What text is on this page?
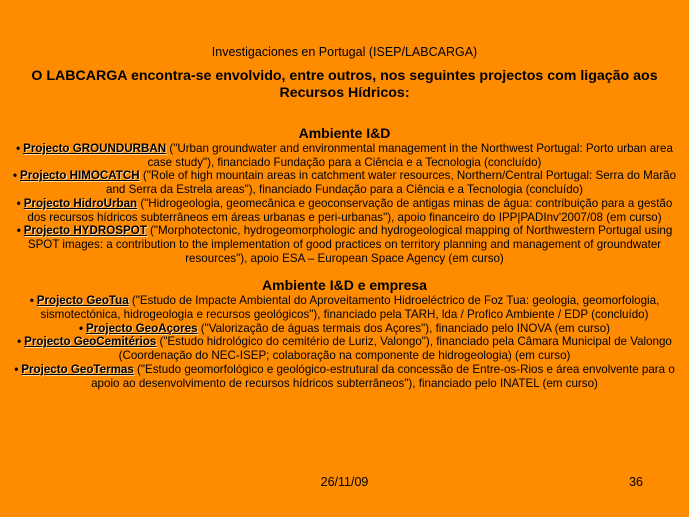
Investigaciones en Portugal (ISEP/LABCARGA)
O LABCARGA encontra-se envolvido, entre outros, nos seguintes projectos com ligação aos Recursos Hídricos:

Ambiente I&D

• Projecto GROUNDURBAN ("Urban groundwater and environmental management in the Northwest Portugal: Porto urban area case study"), financiado Fundação para a Ciência e a Tecnologia (concluído)

• Projecto HIMOCATCH ("Role of high mountain areas in catchment water resources, Northern/Central Portugal: Serra do Marão and Serra da Estrela areas"), financiado Fundação para a Ciência e a Tecnologia (concluído)

• Projecto HidroUrban ("Hidrogeologia, geomecânica e geoconservação de antigas minas de água: contribuição para a gestão dos recursos hídricos subterrâneos em áreas urbanas e peri-urbanas"), apoio financeiro do IPP|PADInv'2007/08 (em curso)

• Projecto HYDROSPOT ("Morphotectonic, hydrogeomorphologic and hydrogeological mapping of Northwestern Portugal using SPOT images: a contribution to the implementation of good practices on territory planning and management of groundwater resources"), apoio ESA – European Space Agency (em curso)

Ambiente I&D e empresa

• Projecto GeoTua ("Estudo de Impacte Ambiental do Aproveitamento Hidroeléctrico de Foz Tua: geologia, geomorfologia, sismotectónica, hidrogeologia e recursos geológicos"), financiado pela TARH, lda / Profico Ambiente / EDP (concluído)

• Projecto GeoAçores ("Valorização de águas termais dos Açores"), financiado pelo INOVA (em curso)

• Projecto GeoCemitérios ("Estudo hidrológico do cemitério de Luriz, Valongo"), financiado pela Câmara Municipal de Valongo (Coordenação do NEC-ISEP; colaboração na componente de hidrogeologia) (em curso)

• Projecto GeoTermas ("Estudo geomorfológico e geológico-estrutural da concessão de Entre-os-Rios e área envolvente para o apoio ao desenvolvimento de recursos hídricos subterrâneos"), financiado pelo INATEL (em curso)

26/11/09	36
